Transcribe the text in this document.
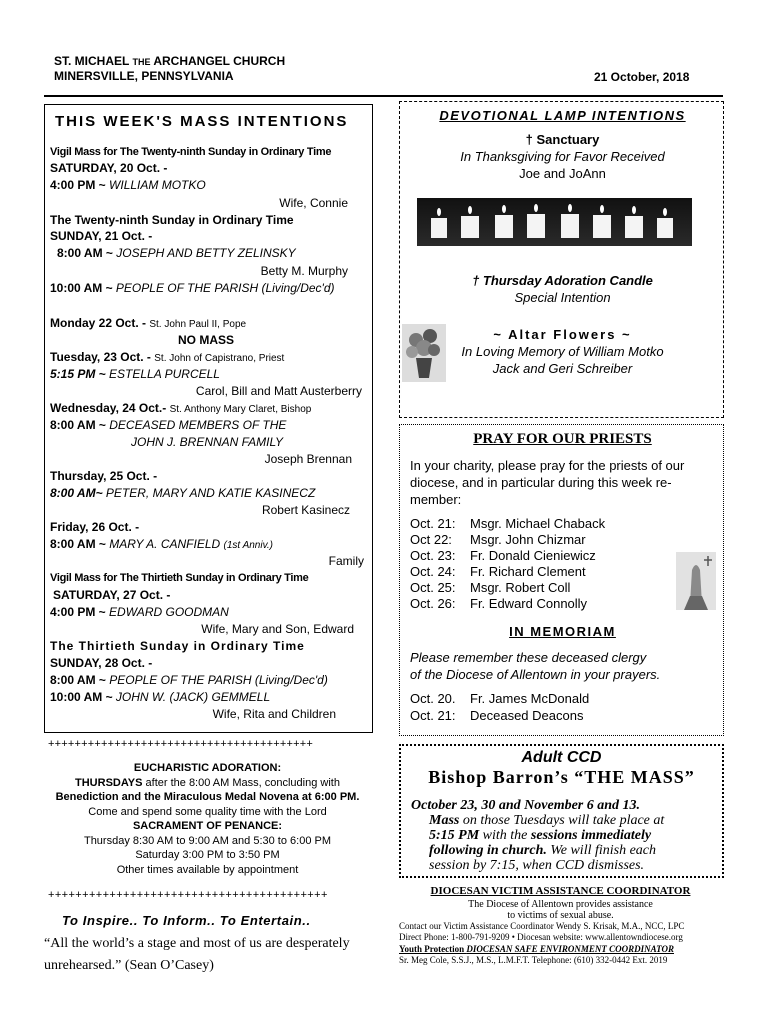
ST. MICHAEL THE ARCHANGEL CHURCH
MINERSVILLE, PENNSYLVANIA	21 October, 2018
THIS WEEK'S MASS INTENTIONS
Vigil Mass for The Twenty-ninth Sunday in Ordinary Time
SATURDAY, 20 Oct. -
4:00 PM ~ WILLIAM MOTKO
Wife, Connie
The Twenty-ninth Sunday in Ordinary Time
SUNDAY, 21 Oct. -
8:00 AM ~ JOSEPH AND BETTY ZELINSKY
Betty M. Murphy
10:00 AM ~ PEOPLE OF THE PARISH (Living/Dec'd)
Monday 22 Oct. - St. John Paul II, Pope
NO MASS
Tuesday, 23 Oct. - St. John of Capistrano, Priest
5:15 PM ~ ESTELLA PURCELL
Carol, Bill and Matt Austerberry
Wednesday, 24 Oct.- St. Anthony Mary Claret, Bishop
8:00 AM ~ DECEASED MEMBERS OF THE
JOHN J. BRENNAN FAMILY
Joseph Brennan
Thursday, 25 Oct. -
8:00 AM~ PETER, MARY AND KATIE KASINECZ
Robert Kasinecz
Friday, 26 Oct. -
8:00 AM ~ MARY A. CANFIELD (1st Anniv.)
Family
Vigil Mass for The Thirtieth Sunday in Ordinary Time
SATURDAY, 27 Oct. -
4:00 PM ~ EDWARD GOODMAN
Wife, Mary and Son, Edward
The Thirtieth Sunday in Ordinary Time
SUNDAY, 28 Oct. -
8:00 AM ~ PEOPLE OF THE PARISH (Living/Dec'd)
10:00 AM ~ JOHN W. (JACK) GEMMELL
Wife, Rita and Children
++++++++++++++++++++++++++++++++++++++++
EUCHARISTIC ADORATION:
THURSDAYS after the 8:00 AM Mass, concluding with
Benediction and the Miraculous Medal Novena at 6:00 PM.
Come and spend some quality time with the Lord
SACRAMENT OF PENANCE:
Thursday 8:30 AM to 9:00 AM and 5:30 to 6:00 PM
Saturday 3:00 PM to 3:50 PM
Other times available by appointment
+++++++++++++++++++++++++++++++++++++++++
To Inspire.. To Inform.. To Entertain..
“All the world’s a stage and most of us are desperately
unrehearsed.” (Sean O’Casey)
DEVOTIONAL LAMP INTENTIONS
† Sanctuary
In Thanksgiving for Favor Received
Joe and JoAnn
† Thursday Adoration Candle
Special Intention
~ Altar Flowers ~
In Loving Memory of William Motko
Jack and Geri Schreiber
PRAY FOR OUR PRIESTS
In your charity, please pray for the priests of our
diocese, and in particular during this week re-
member:
Oct. 21: Msgr. Michael Chaback
Oct 22: Msgr. John Chizmar
Oct. 23: Fr. Donald Cieniewicz
Oct. 24: Fr. Richard Clement
Oct. 25: Msgr. Robert Coll
Oct. 26: Fr. Edward Connolly
IN MEMORIAM
Please remember these deceased clergy
of the Diocese of Allentown in your prayers.
Oct. 20. Fr. James McDonald
Oct. 21: Deceased Deacons
Adult CCD
Bishop Barron’s “THE MASS”
October 23, 30 and November 6 and 13.
Mass on those Tuesdays will take place at
5:15 PM with the sessions immediately
following in church. We will finish each
session by 7:15, when CCD dismisses.
DIOCESAN VICTIM ASSISTANCE COORDINATOR
The Diocese of Allentown provides assistance
to victims of sexual abuse.
Contact our Victim Assistance Coordinator Wendy S. Krisak, M.A., NCC, LPC
Direct Phone: 1-800-791-9209 • Diocesan website: www.allentowndiocese.org
Youth Protection DIOCESAN SAFE ENVIRONMENT COORDINATOR
Sr. Meg Cole, S.S.J., M.S., L.M.F.T. Telephone: (610) 332-0442 Ext. 2019
